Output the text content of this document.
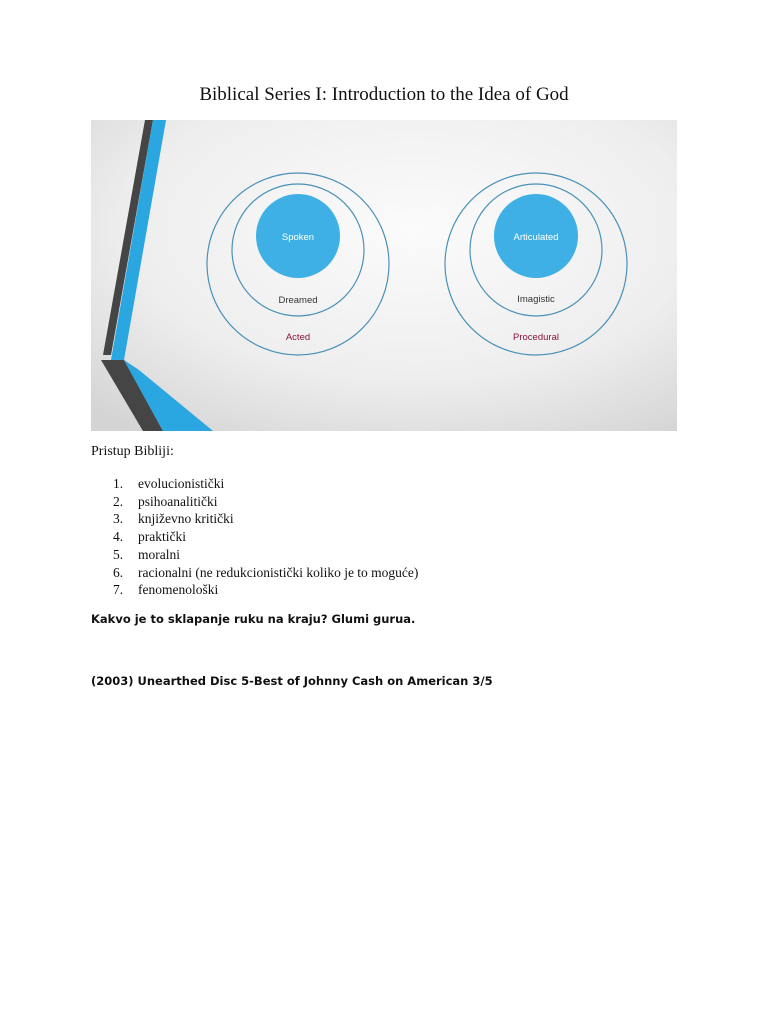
Biblical Series I: Introduction to the Idea of God
Spoken
Dreamed
Acted
Articulated
Imagistic
Procedural
Pristup Bibliji:
1.	evolucionistički
2.	psihoanalitički
3.	književno kritički
4.	praktički
5.	moralni
6.	racionalni (ne redukcionistički koliko je to moguće)
7.	fenomenološki
Kakvo je to sklapanje ruku na kraju? Glumi gurua.
(2003) Unearthed Disc 5-Best of Johnny Cash on American 3/5
